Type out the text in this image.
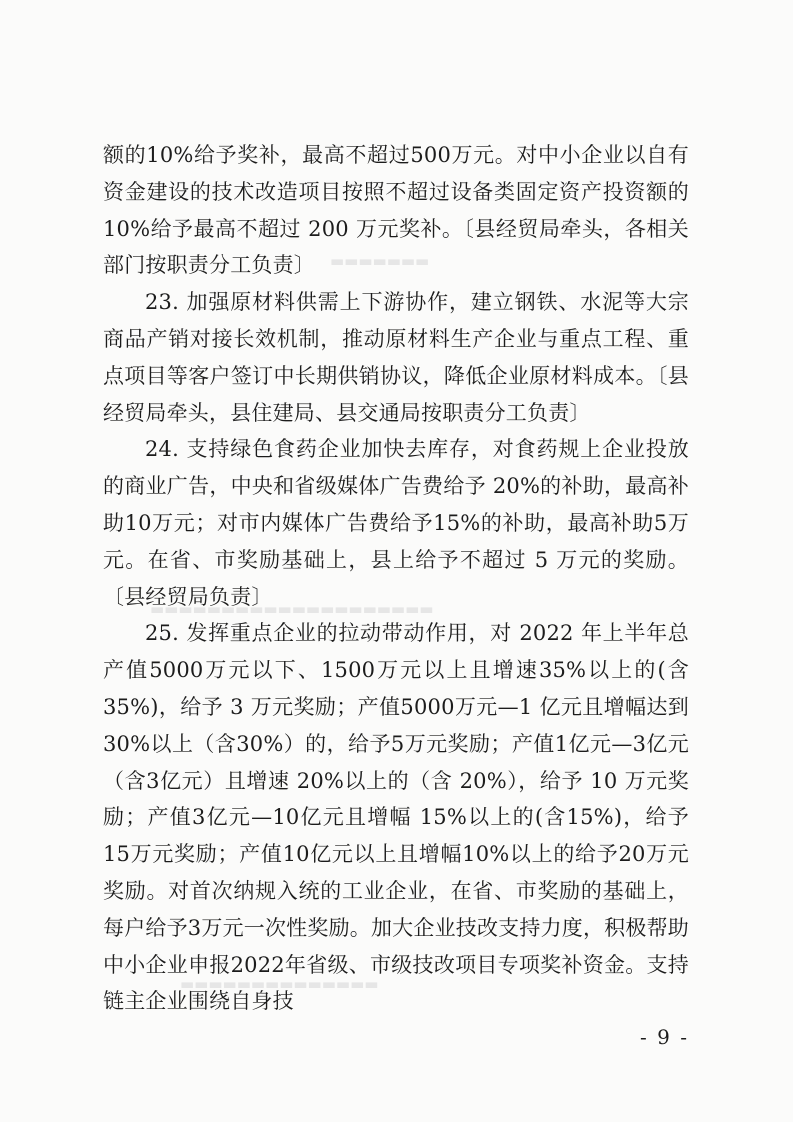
▬▬▬▬▬▬▬
▬▬▬▬▬▬▬▬▬▬▬▬▬▬▬▬▬▬▬▬
▬▬▬▬▬▬▬▬▬▬▬▬▬▬

额的10%给予奖补，最高不超过500万元。对中小企业以自有资金建设的技术改造项目按照不超过设备类固定资产投资额的10%给予最高不超过 200 万元奖补。〔县经贸局牵头，各相关部门按职责分工负责〕

23. 加强原材料供需上下游协作，建立钢铁、水泥等大宗商品产销对接长效机制，推动原材料生产企业与重点工程、重点项目等客户签订中长期供销协议，降低企业原材料成本。〔县经贸局牵头，县住建局、县交通局按职责分工负责〕

24. 支持绿色食药企业加快去库存，对食药规上企业投放的商业广告，中央和省级媒体广告费给予 20%的补助，最高补助10万元；对市内媒体广告费给予15%的补助，最高补助5万元。在省、市奖励基础上，县上给予不超过 5 万元的奖励。〔县经贸局负责〕

25. 发挥重点企业的拉动带动作用，对 2022 年上半年总产值5000万元以下、1500万元以上且增速35%以上的(含35%)，给予 3 万元奖励；产值5000万元—1 亿元且增幅达到30%以上（含30%）的，给予5万元奖励；产值1亿元—3亿元（含3亿元）且增速 20%以上的（含 20%），给予 10 万元奖励；产值3亿元—10亿元且增幅 15%以上的(含15%)，给予15万元奖励；产值10亿元以上且增幅10%以上的给予20万元奖励。对首次纳规入统的工业企业，在省、市奖励的基础上，每户给予3万元一次性奖励。加大企业技改支持力度，积极帮助中小企业申报2022年省级、市级技改项目专项奖补资金。支持链主企业围绕自身技

- 9 -
